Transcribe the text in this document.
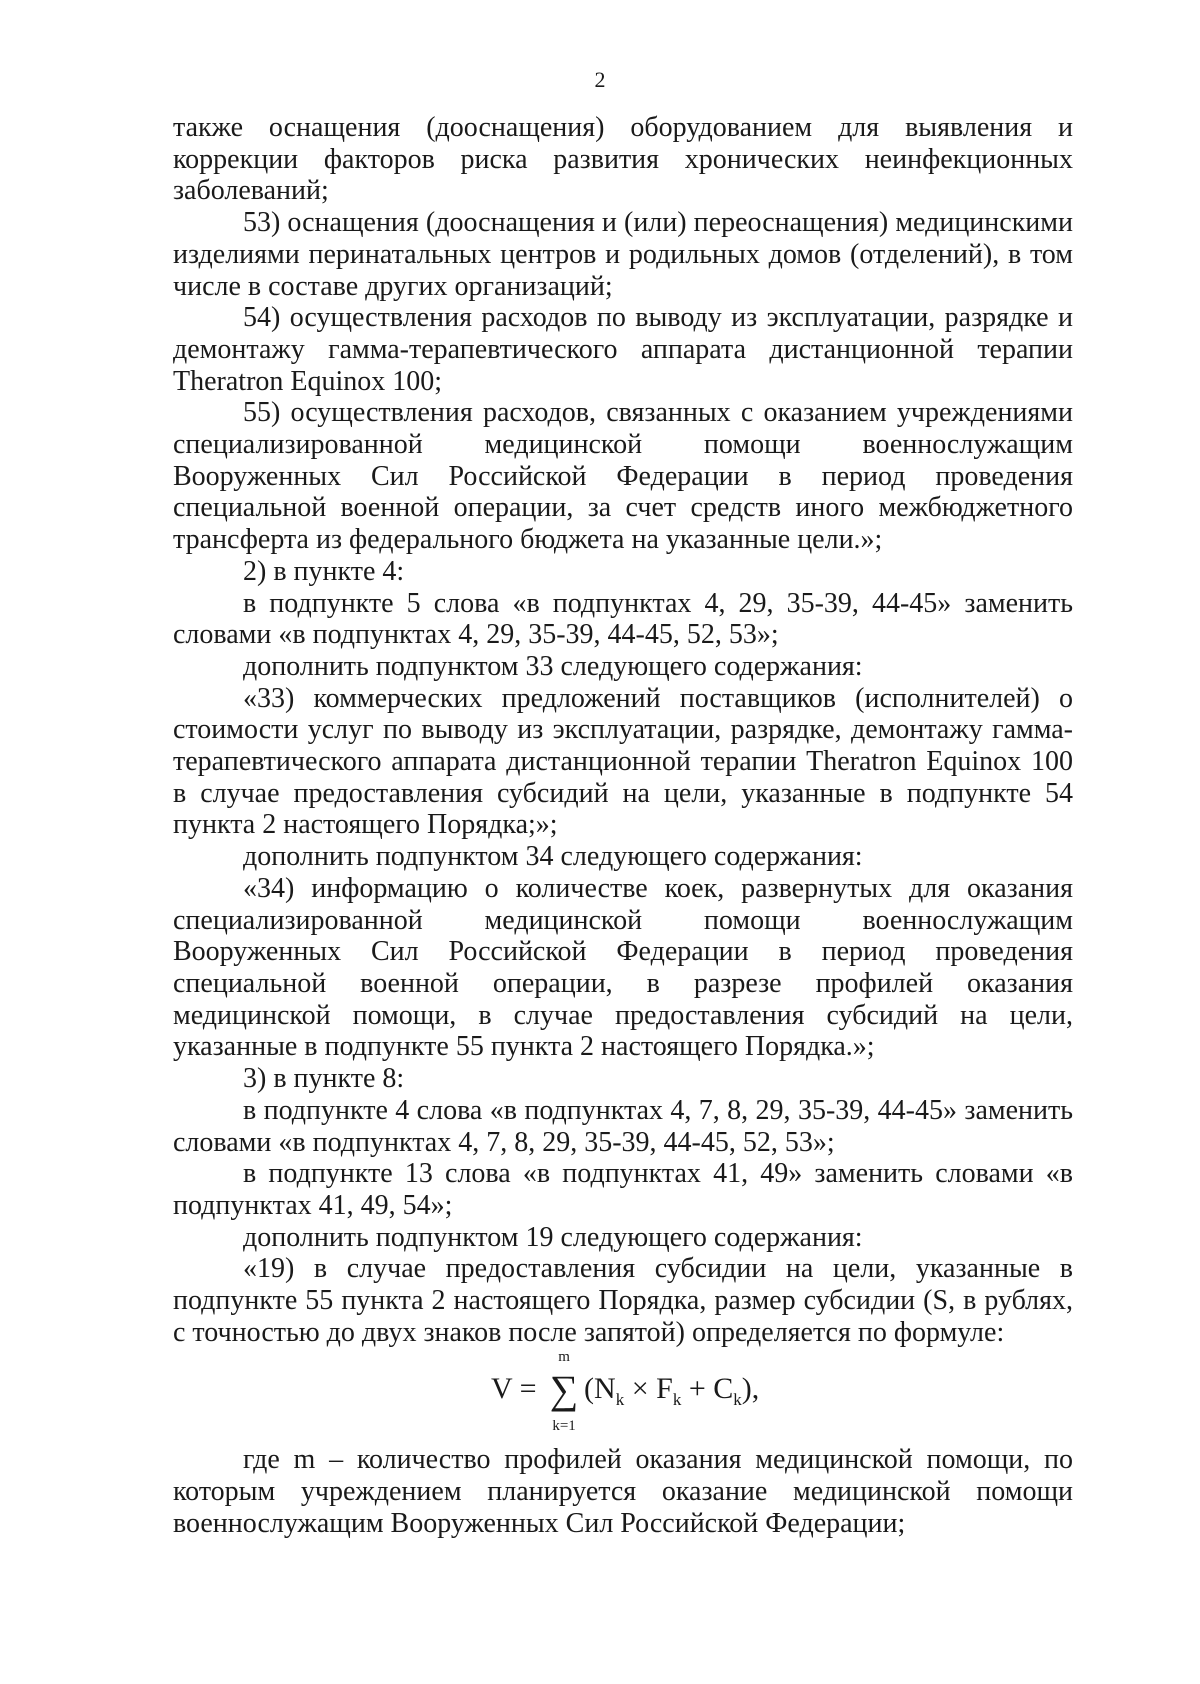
2

также оснащения (дооснащения) оборудованием для выявления и коррекции факторов риска развития хронических неинфекционных заболеваний;

53) оснащения (дооснащения и (или) переоснащения) медицинскими изделиями перинатальных центров и родильных домов (отделений), в том числе в составе других организаций;

54) осуществления расходов по выводу из эксплуатации, разрядке и демонтажу гамма-терапевтического аппарата дистанционной терапии Theratron Equinox 100;

55) осуществления расходов, связанных с оказанием учреждениями специализированной медицинской помощи военнослужащим Вооруженных Сил Российской Федерации в период проведения специальной военной операции, за счет средств иного межбюджетного трансферта из федерального бюджета на указанные цели.»;

2) в пункте 4:

в подпункте 5 слова «в подпунктах 4, 29, 35-39, 44-45» заменить словами «в подпунктах 4, 29, 35-39, 44-45, 52, 53»;

дополнить подпунктом 33 следующего содержания:

«33) коммерческих предложений поставщиков (исполнителей) о стоимости услуг по выводу из эксплуатации, разрядке, демонтажу гамма-терапевтического аппарата дистанционной терапии Theratron Equinox 100 в случае предоставления субсидий на цели, указанные в подпункте 54 пункта 2 настоящего Порядка;»;

дополнить подпунктом 34 следующего содержания:

«34) информацию о количестве коек, развернутых для оказания специализированной медицинской помощи военнослужащим Вооруженных Сил Российской Федерации в период проведения специальной военной операции, в разрезе профилей оказания медицинской помощи, в случае предоставления субсидий на цели, указанные в подпункте 55 пункта 2 настоящего Порядка.»;

3) в пункте 8:

в подпункте 4 слова «в подпунктах 4, 7, 8, 29, 35-39, 44-45» заменить словами «в подпунктах 4, 7, 8, 29, 35-39, 44-45, 52, 53»;

в подпункте 13 слова «в подпунктах 41, 49» заменить словами «в подпунктах 41, 49, 54»;

дополнить подпунктом 19 следующего содержания:

«19) в случае предоставления субсидии на цели, указанные в подпункте 55 пункта 2 настоящего Порядка, размер субсидии (S, в рублях, с точностью до двух знаков после запятой) определяется по формуле:

V =
m
∑
k=1
$(N_k \times F_k + C_k)$,

где m – количество профилей оказания медицинской помощи, по которым учреждением планируется оказание медицинской помощи военнослужащим Вооруженных Сил Российской Федерации;
